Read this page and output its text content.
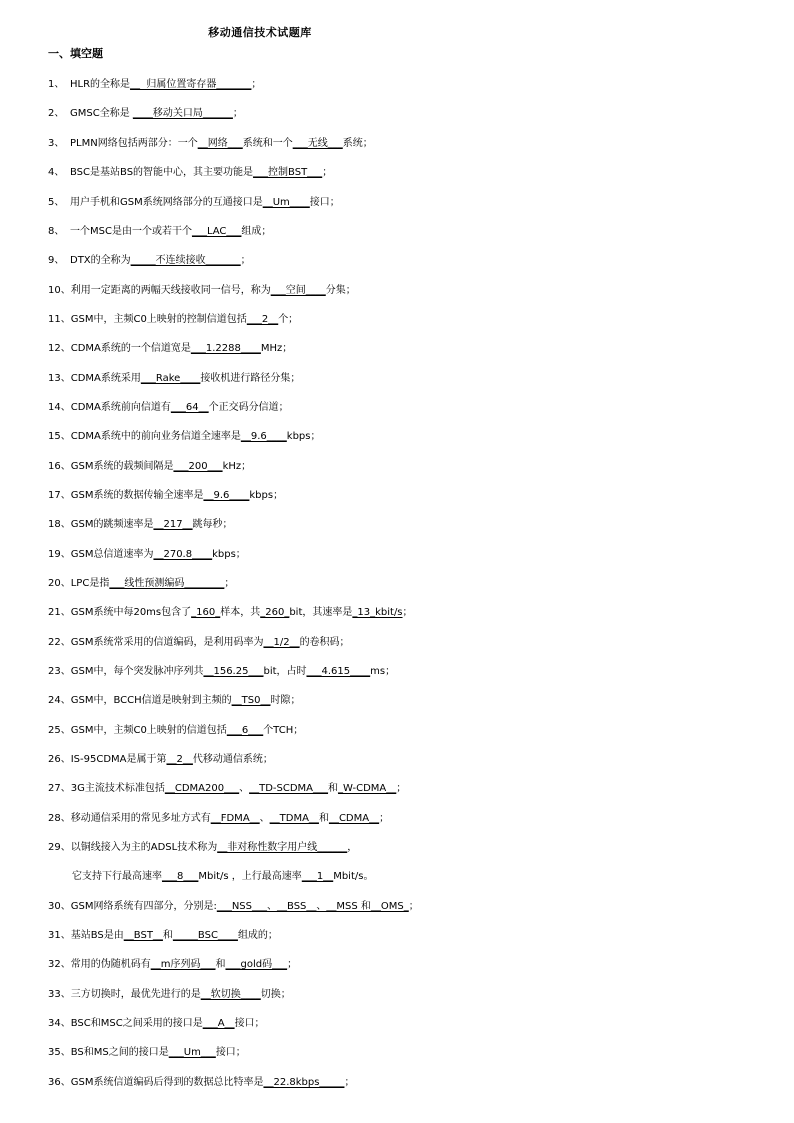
移动通信技术试题库
一、填空题
1、 HLR的全称是__  归属位置寄存器_______；
2、 GMSC全称是 ____移动关口局______；
3、 PLMN网络包括两部分：一个__网络___系统和一个___无线___系统；
4、 BSC是基站BS的智能中心，其主要功能是___控制BST___；
5、 用户手机和GSM系统网络部分的互通接口是__Um____接口；
8、 一个MSC是由一个或若干个___LAC___组成；
9、 DTX的全称为_____不连续接收_______；
10、利用一定距离的两幅天线接收同一信号，称为___空间____分集；
11、GSM中，主频C0上映射的控制信道包括___2__个；
12、CDMA系统的一个信道宽是___1.2288____MHz；
13、CDMA系统采用___Rake____接收机进行路径分集；
14、CDMA系统前向信道有___64__个正交码分信道；
15、CDMA系统中的前向业务信道全速率是__9.6____kbps；
16、GSM系统的载频间隔是___200___kHz；
17、GSM系统的数据传输全速率是__9.6____kbps；
18、GSM的跳频速率是__217__跳每秒；
19、GSM总信道速率为__270.8____kbps；
20、LPC是指___线性预测编码________；
21、GSM系统中每20ms包含了_160_样本，共_260_bit，其速率是_13_kbit/s；
22、GSM系统常采用的信道编码，是利用码率为__1/2__的卷积码；
23、GSM中，每个突发脉冲序列共__156.25___bit，占时___4.615____ms；
24、GSM中，BCCH信道是映射到主频的__TS0__时隙；
25、GSM中，主频C0上映射的信道包括___6___个TCH；
26、IS-95CDMA是属于第__2__代移动通信系统；
27、3G主流技术标准包括__CDMA200___、__TD-SCDMA___和_W-CDMA__；
28、移动通信采用的常见多址方式有__FDMA__、__TDMA__和__CDMA__；
29、以铜线接入为主的ADSL技术称为__非对称性数字用户线______，
它支持下行最高速率___8___Mbit/s ，上行最高速率___1__Mbit/s。
30、GSM网络系统有四部分，分别是:___NSS___、__BSS__、__MSS 和__OMS_；
31、基站BS是由__BST__和_____BSC____组成的；
32、常用的伪随机码有__m序列码___和___gold码___；
33、三方切换时，最优先进行的是__软切换____切换；
34、BSC和MSC之间采用的接口是___A__接口；
35、BS和MS之间的接口是___Um___接口；
36、GSM系统信道编码后得到的数据总比特率是__22.8kbps_____；
